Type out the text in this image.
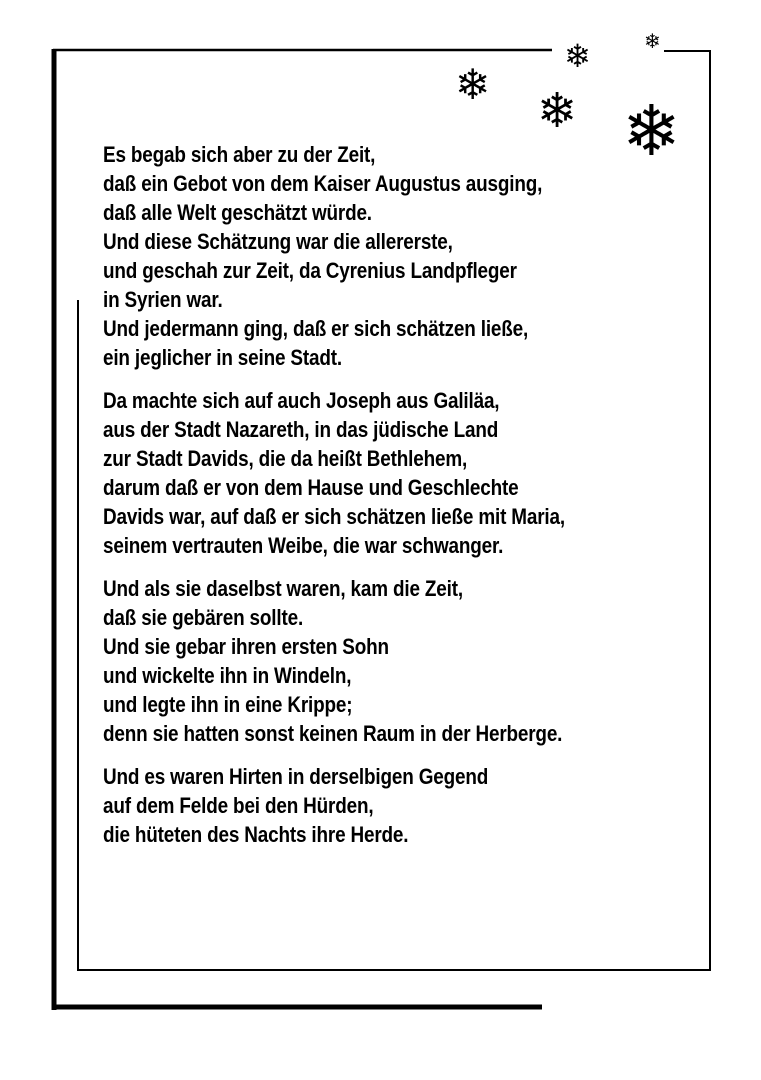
❄	❄
❄
❄ ❄
Es begab sich aber zu der Zeit,
daß ein Gebot von dem Kaiser Augustus ausging,
daß alle Welt geschätzt würde.
Und diese Schätzung war die allererste,
und geschah zur Zeit, da Cyrenius Landpfleger
in Syrien war.
Und jedermann ging, daß er sich schätzen ließe,
ein jeglicher in seine Stadt.
Da machte sich auf auch Joseph aus Galiläa,
aus der Stadt Nazareth, in das jüdische Land
zur Stadt Davids, die da heißt Bethlehem,
darum daß er von dem Hause und Geschlechte
Davids war, auf daß er sich schätzen ließe mit Maria,
seinem vertrauten Weibe, die war schwanger.
Und als sie daselbst waren, kam die Zeit,
daß sie gebären sollte.
Und sie gebar ihren ersten Sohn
und wickelte ihn in Windeln,
und legte ihn in eine Krippe;
denn sie hatten sonst keinen Raum in der Herberge.
Und es waren Hirten in derselbigen Gegend
auf dem Felde bei den Hürden,
die hüteten des Nachts ihre Herde.
